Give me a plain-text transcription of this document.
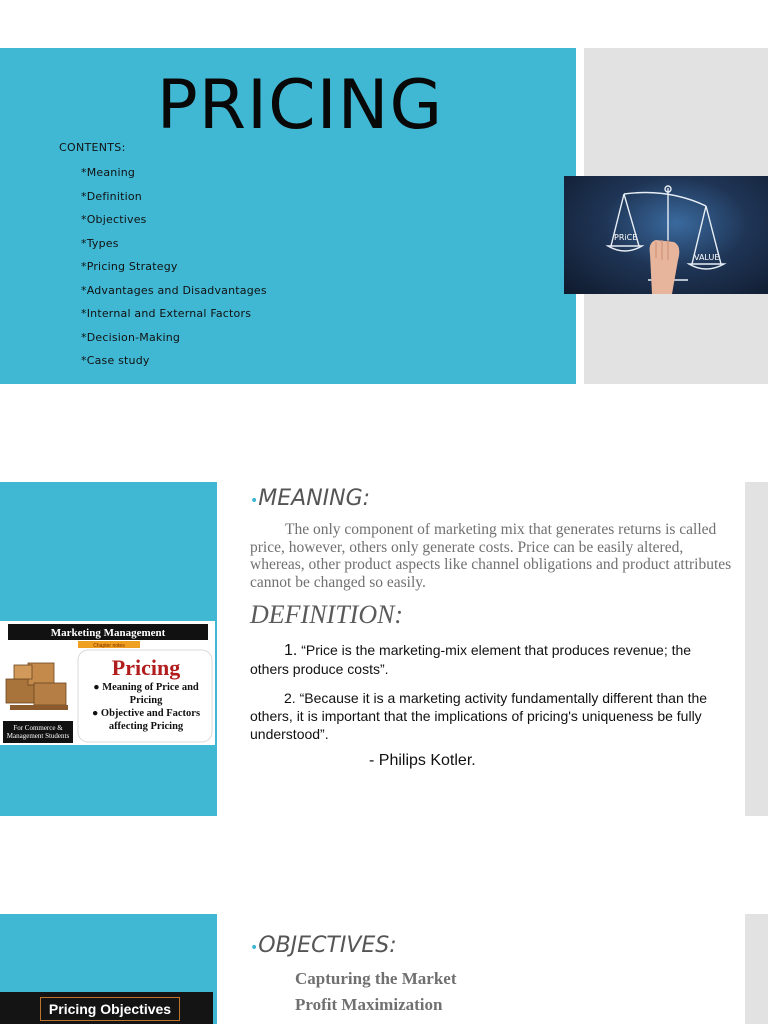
PRICING
CONTENTS:
*Meaning
*Definition
*Objectives
*Types
*Pricing Strategy
*Advantages and Disadvantages
*Internal and External Factors
*Decision-Making
*Case study
PRiCE
VALUE
Marketing Management
Chapter notes
For Commerce & Management Students
Pricing
● Meaning of Price and Pricing
● Objective and Factors affecting Pricing
•MEANING:

The only component of marketing mix that generates returns is called price, however, others only generate costs. Price can be easily altered, whereas, other product aspects like channel obligations and product attributes cannot be changed so easily.

DEFINITION:

1. “Price is the marketing-mix element that produces revenue; the others produce costs”.

2. “Because it is a marketing activity fundamentally different than the others, it is important that the implications of pricing's uniqueness be fully understood”.

- Philips Kotler.
Pricing Objectives
•OBJECTIVES:
Capturing the Market
Profit Maximization
